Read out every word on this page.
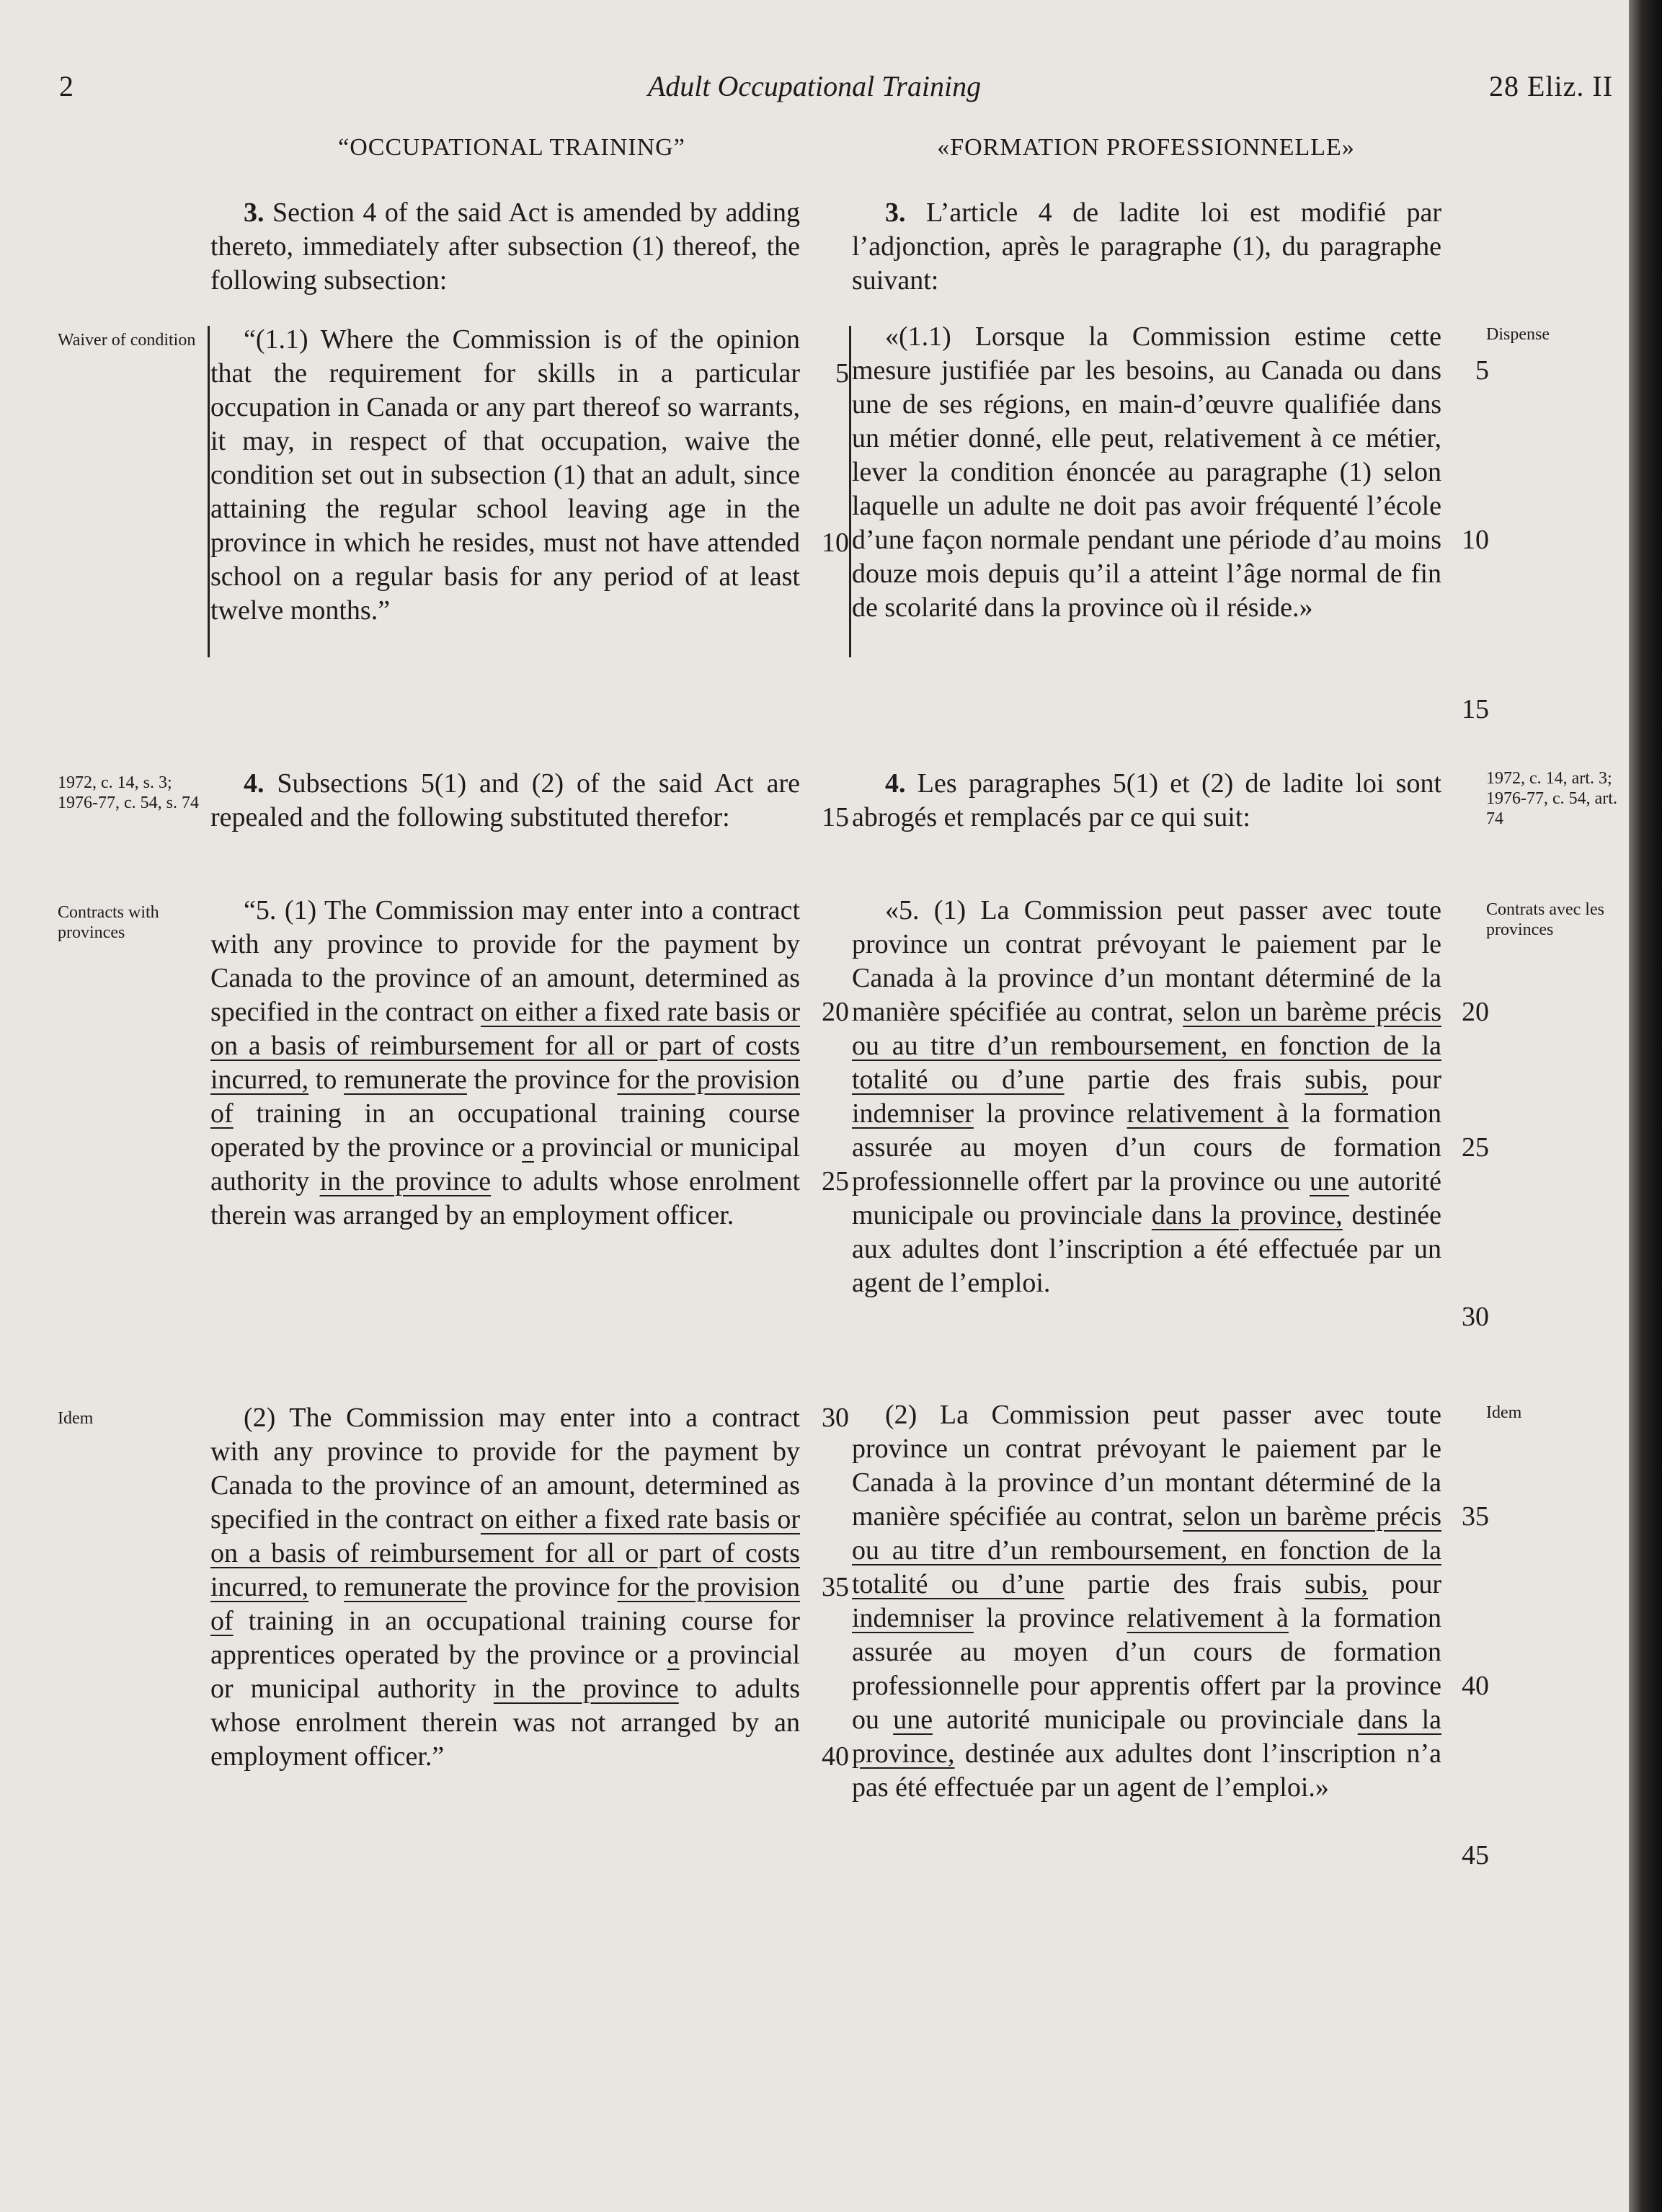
2	Adult Occupational Training	28 Eliz. II
“OCCUPATIONAL TRAINING”	«FORMATION PROFESSIONNELLE»
Waiver of condition
1972, c. 14, s. 3; 1976-77, c. 54, s. 74
Contracts with provinces
Idem
Dispense
1972, c. 14, art. 3; 1976-77, c. 54, art. 74
Contrats avec les provinces
Idem

3. Section 4 of the said Act is amended by adding thereto, immediately after subsection (1) thereof, the following subsection:

“(1.1) Where the Commission is of the opinion that the requirement for skills in a particular occupation in Canada or any part thereof so warrants, it may, in respect of that occupation, waive the condition set out in subsection (1) that an adult, since attaining the regular school leaving age in the province in which he resides, must not have attended school on a regular basis for any period of at least twelve months.”

4. Subsections 5(1) and (2) of the said Act are repealed and the following substituted therefor:

“5. (1) The Commission may enter into a contract with any province to provide for the payment by Canada to the province of an amount, determined as specified in the contract on either a fixed rate basis or on a basis of reimbursement for all or part of costs incurred, to remunerate the province for the provision of training in an occupational training course operated by the province or a provincial or municipal authority in the province to adults whose enrolment therein was arranged by an employment officer.

(2) The Commission may enter into a contract with any province to provide for the payment by Canada to the province of an amount, determined as specified in the contract on either a fixed rate basis or on a basis of reimbursement for all or part of costs incurred, to remunerate the province for the provision of training in an occupational training course for apprentices operated by the province or a provincial or municipal authority in the province to adults whose enrolment therein was not arranged by an employment officer.”

5
10
15
20
25
30
35
40

3. L’article 4 de ladite loi est modifié par l’adjonction, après le paragraphe (1), du paragraphe suivant:

«(1.1) Lorsque la Commission estime cette mesure justifiée par les besoins, au Canada ou dans une de ses régions, en main-d’œuvre qualifiée dans un métier donné, elle peut, relativement à ce métier, lever la condition énoncée au paragraphe (1) selon laquelle un adulte ne doit pas avoir fréquenté l’école d’une façon normale pendant une période d’au moins douze mois depuis qu’il a atteint l’âge normal de fin de scolarité dans la province où il réside.»

4. Les paragraphes 5(1) et (2) de ladite loi sont abrogés et remplacés par ce qui suit:

«5. (1) La Commission peut passer avec toute province un contrat prévoyant le paiement par le Canada à la province d’un montant déterminé de la manière spécifiée au contrat, selon un barème précis ou au titre d’un remboursement, en fonction de la totalité ou d’une partie des frais subis, pour indemniser la province relativement à la formation assurée au moyen d’un cours de formation professionnelle offert par la province ou une autorité municipale ou provinciale dans la province, destinée aux adultes dont l’inscription a été effectuée par un agent de l’emploi.

(2) La Commission peut passer avec toute province un contrat prévoyant le paiement par le Canada à la province d’un montant déterminé de la manière spécifiée au contrat, selon un barème précis ou au titre d’un remboursement, en fonction de la totalité ou d’une partie des frais subis, pour indemniser la province relativement à la formation assurée au moyen d’un cours de formation professionnelle pour apprentis offert par la province ou une autorité municipale ou provinciale dans la province, destinée aux adultes dont l’inscription n’a pas été effectuée par un agent de l’emploi.»

5
10
15
20
25
30
35
40
45
